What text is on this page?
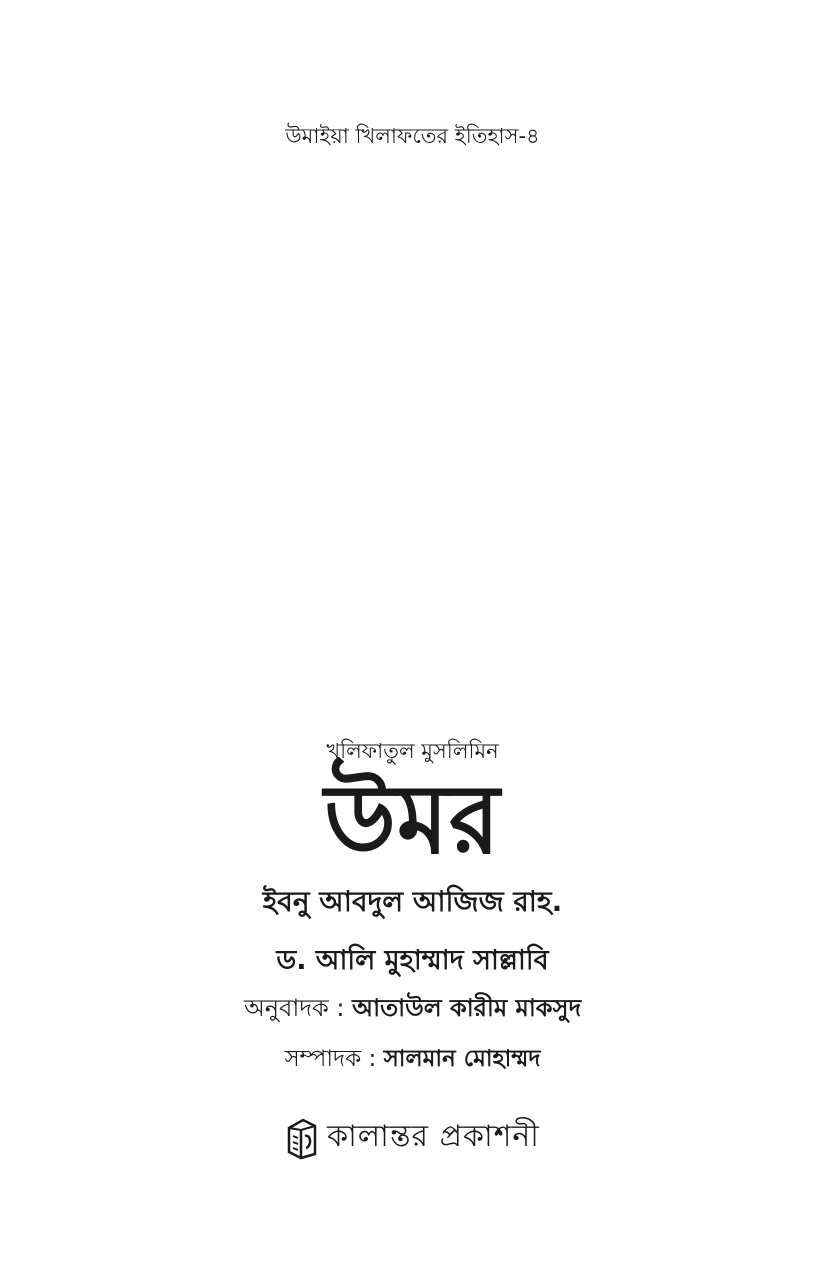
উমাইয়া খিলাফতের ইতিহাস-৪
খলিফাতুল মুসলিমিন
উমর
ইবনু আবদুল আজিজ রাহ.
ড. আলি মুহাম্মাদ সাল্লাবি
অনুবাদক : আতাউল কারীম মাকসুদ
সম্পাদক : সালমান মোহাম্মদ
কালান্তর প্রকাশনী
